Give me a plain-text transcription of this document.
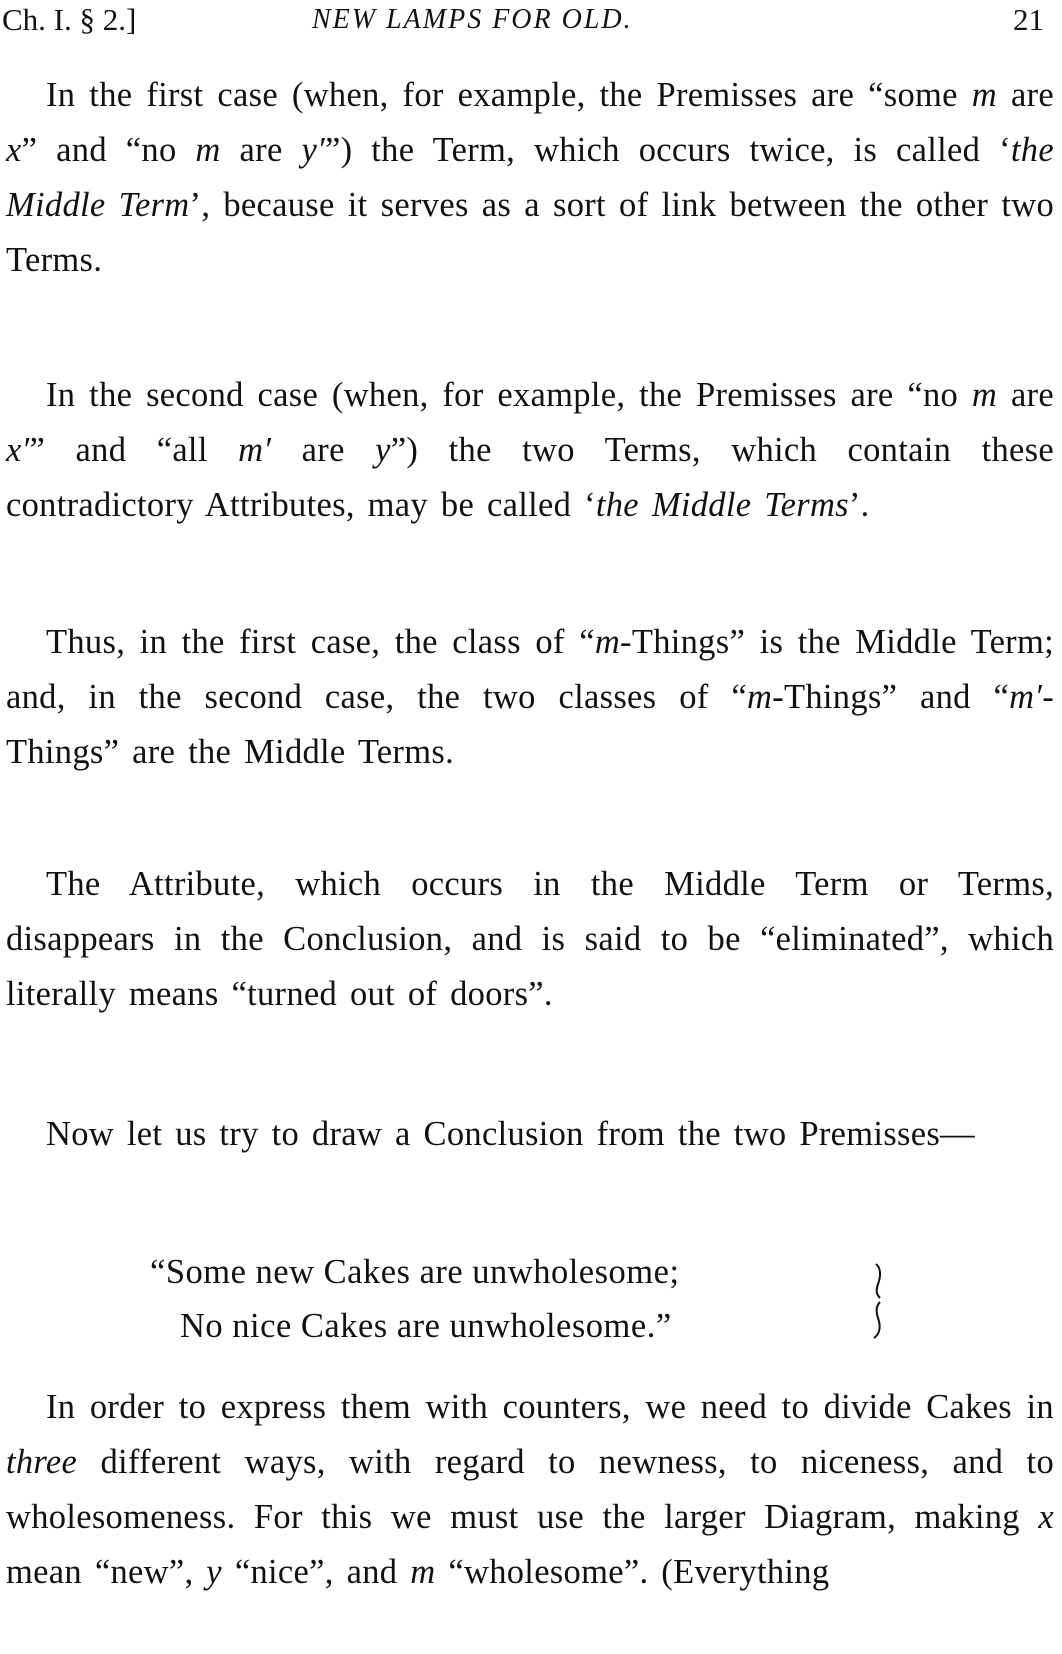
Ch. I. § 2.]	NEW LAMPS FOR OLD.	21
In the first case (when, for example, the Premisses are “some m are x” and “no m are y′”) the Term, which occurs twice, is called ‘the Middle Term’, because it serves as a sort of link between the other two Terms.
In the second case (when, for example, the Premisses are “no m are x′” and “all m′ are y”) the two Terms, which contain these contradictory Attributes, may be called ‘the Middle Terms’.
Thus, in the first case, the class of “m-Things” is the Middle Term; and, in the second case, the two classes of “m-Things” and “m′-Things” are the Middle Terms.
The Attribute, which occurs in the Middle Term or Terms, disappears in the Conclusion, and is said to be “eliminated”, which literally means “turned out of doors”.
Now let us try to draw a Conclusion from the two Premisses—
“Some new Cakes are unwholesome;
No nice Cakes are unwholesome.”
In order to express them with counters, we need to divide Cakes in three different ways, with regard to newness, to niceness, and to wholesomeness. For this we must use the larger Diagram, making x mean “new”, y “nice”, and m “wholesome”. (Everything
